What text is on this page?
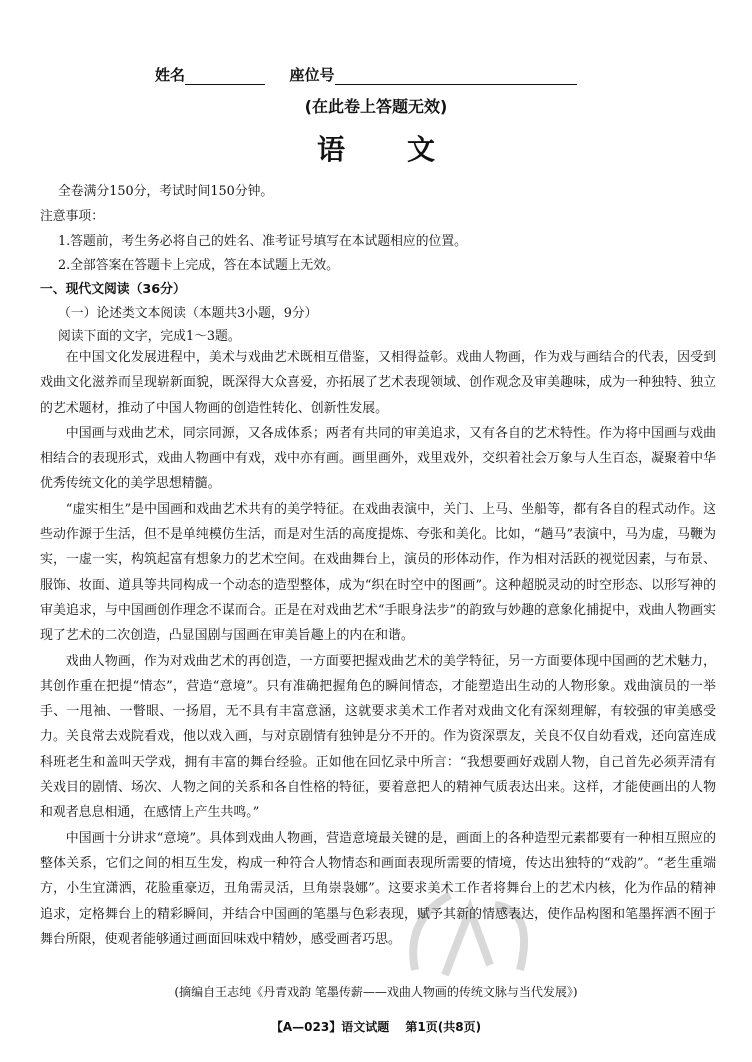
姓名	座位号
(在此卷上答题无效)
语文
全卷满分150分，考试时间150分钟。
注意事项：
1.答题前，考生务必将自己的姓名、准考证号填写在本试题相应的位置。
2.全部答案在答题卡上完成，答在本试题上无效。
一、现代文阅读（36分）
（一）论述类文本阅读（本题共3小题，9分）
阅读下面的文字，完成1～3题。

在中国文化发展进程中，美术与戏曲艺术既相互借鉴，又相得益彰。戏曲人物画，作为戏与画结合的代表，因受到戏曲文化滋养而呈现崭新面貌，既深得大众喜爱，亦拓展了艺术表现领域、创作观念及审美趣味，成为一种独特、独立的艺术题材，推动了中国人物画的创造性转化、创新性发展。

中国画与戏曲艺术，同宗同源，又各成体系；两者有共同的审美追求，又有各自的艺术特性。作为将中国画与戏曲相结合的表现形式，戏曲人物画中有戏，戏中亦有画。画里画外，戏里戏外，交织着社会万象与人生百态，凝聚着中华优秀传统文化的美学思想精髓。

“虚实相生”是中国画和戏曲艺术共有的美学特征。在戏曲表演中，关门、上马、坐船等，都有各自的程式动作。这些动作源于生活，但不是单纯模仿生活，而是对生活的高度提炼、夸张和美化。比如，“趟马”表演中，马为虚，马鞭为实，一虚一实，构筑起富有想象力的艺术空间。在戏曲舞台上，演员的形体动作，作为相对活跃的视觉因素，与布景、服饰、妆面、道具等共同构成一个动态的造型整体，成为“织在时空中的图画”。这种超脱灵动的时空形态、以形写神的审美追求，与中国画创作理念不谋而合。正是在对戏曲艺术“手眼身法步”的韵致与妙趣的意象化捕捉中，戏曲人物画实现了艺术的二次创造，凸显国剧与国画在审美旨趣上的内在和谐。

戏曲人物画，作为对戏曲艺术的再创造，一方面要把握戏曲艺术的美学特征，另一方面要体现中国画的艺术魅力，其创作重在把提“情态”，营造“意境”。只有准确把握角色的瞬间情态，才能塑造出生动的人物形象。戏曲演员的一举手、一甩袖、一瞥眼、一扬眉，无不具有丰富意涵，这就要求美术工作者对戏曲文化有深刻理解，有较强的审美感受力。关良常去戏院看戏，他以戏入画，与对京剧情有独钟是分不开的。作为资深票友，关良不仅自幼看戏，还向富连成科班老生和盖叫天学戏，拥有丰富的舞台经验。正如他在回忆录中所言：“我想要画好戏剧人物，自己首先必须弄清有关戏目的剧情、场次、人物之间的关系和各自性格的特征，要着意把人的精神气质表达出来。这样，才能使画出的人物和观者息息相通，在感情上产生共鸣。”

中国画十分讲求“意境”。具体到戏曲人物画，营造意境最关键的是，画面上的各种造型元素都要有一种相互照应的整体关系，它们之间的相互生发，构成一种符合人物情态和画面表现所需要的情境，传达出独特的“戏韵”。“老生重端方，小生宜潇洒，花脸重豪迈，丑角需灵活，旦角崇袅娜”。这要求美术工作者将舞台上的艺术内核，化为作品的精神追求，定格舞台上的精彩瞬间，并结合中国画的笔墨与色彩表现，赋予其新的情感表达，使作品构图和笔墨挥洒不囿于舞台所限，使观者能够通过画面回味戏中精妙，感受画者巧思。

(摘编自王志纯《丹青戏韵 笔墨传薪——戏曲人物画的传统文脉与当代发展》)
【A—023】语文试题 第1页(共8页)
